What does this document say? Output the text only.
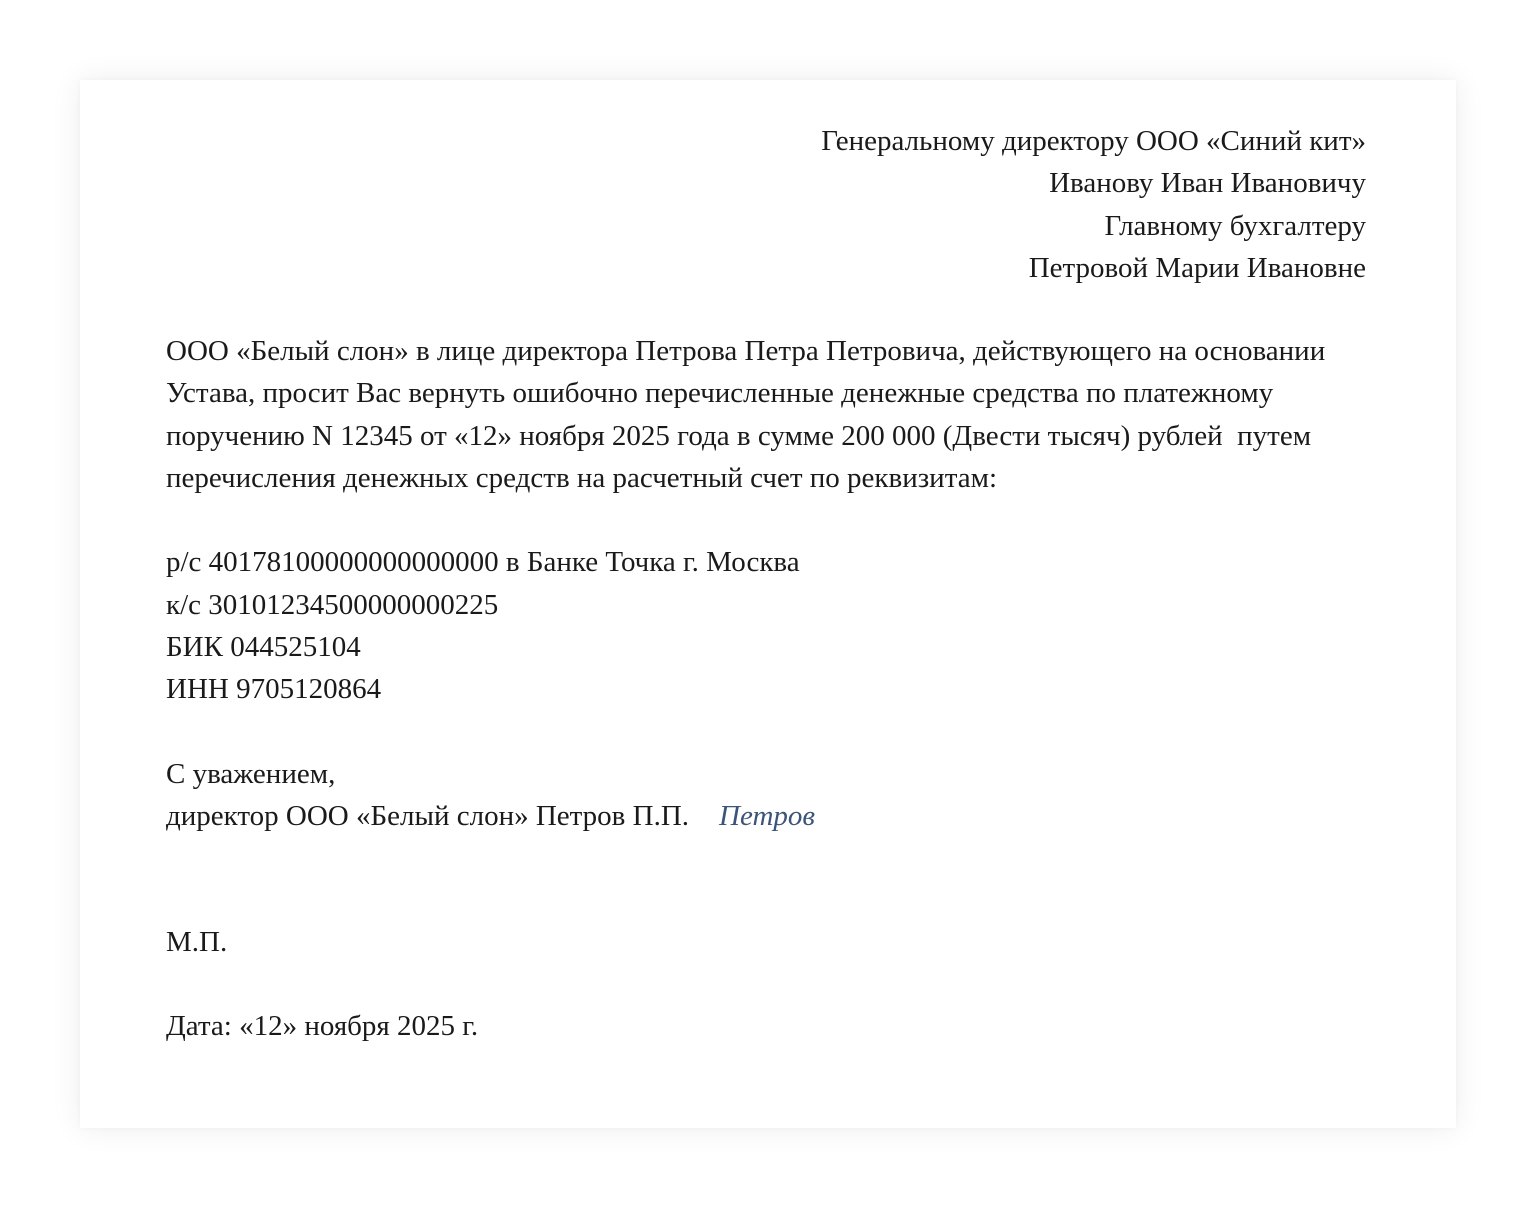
Генеральному директору ООО «Синий кит»
Иванову Иван Ивановичу
Главному бухгалтеру
Петровой Марии Ивановне

ООО «Белый слон» в лице директора Петрова Петра Петровича, действующего на основании Устава, просит Вас вернуть ошибочно перечисленные денежные средства по платежному поручению N 12345 от «12» ноября 2025 года в сумме 200 000 (Двести тысяч) рублей  путем перечисления денежных средств на расчетный счет по реквизитам:

р/с 40178100000000000000 в Банке Точка г. Москва
к/с 30101234500000000225
БИК 044525104
ИНН 9705120864
С уважением,
директор ООО «Белый слон» Петров П.П. Петров
М.П.
Дата: «12» ноября 2025 г.
